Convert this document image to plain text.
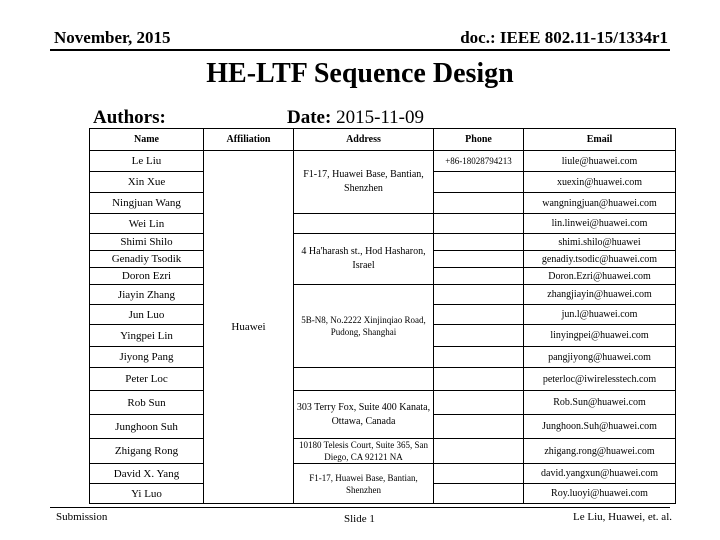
November, 2015	doc.: IEEE 802.11-15/1334r1
HE-LTF Sequence Design
Authors:	Date: 2015-11-09
Name	Affiliation	Address	Phone	Email
Le Liu	Huawei	F1-17, Huawei Base, Bantian, Shenzhen	+86-18028794213	liule@huawei.com
Xin Xue				xuexin@huawei.com
Ningjuan Wang				wangningjuan@huawei.com
Wei Lin				lin.linwei@huawei.com
Shimi Shilo		4 Ha'harash st., Hod Hasharon, Israel		shimi.shilo@huawei
Genadiy Tsodik				genadiy.tsodic@huawei.com
Doron Ezri				Doron.Ezri@huawei.com
Jiayin Zhang		5B-N8, No.2222 Xinjinqiao Road, Pudong, Shanghai		zhangjiayin@huawei.com
Jun Luo				jun.l@huawei.com
Yingpei Lin				linyingpei@huawei.com
Jiyong Pang				pangjiyong@huawei.com
Peter Loc				peterloc@iwirelesstech.com
Rob Sun		303 Terry Fox, Suite 400 Kanata, Ottawa, Canada		Rob.Sun@huawei.com
Junghoon Suh				Junghoon.Suh@huawei.com
Zhigang Rong		10180 Telesis Court, Suite 365, San Diego, CA 92121 NA		zhigang.rong@huawei.com
David X. Yang		F1-17, Huawei Base, Bantian, Shenzhen		david.yangxun@huawei.com
Yi Luo				Roy.luoyi@huawei.com
Submission	Slide 1	Le Liu, Huawei, et. al.
